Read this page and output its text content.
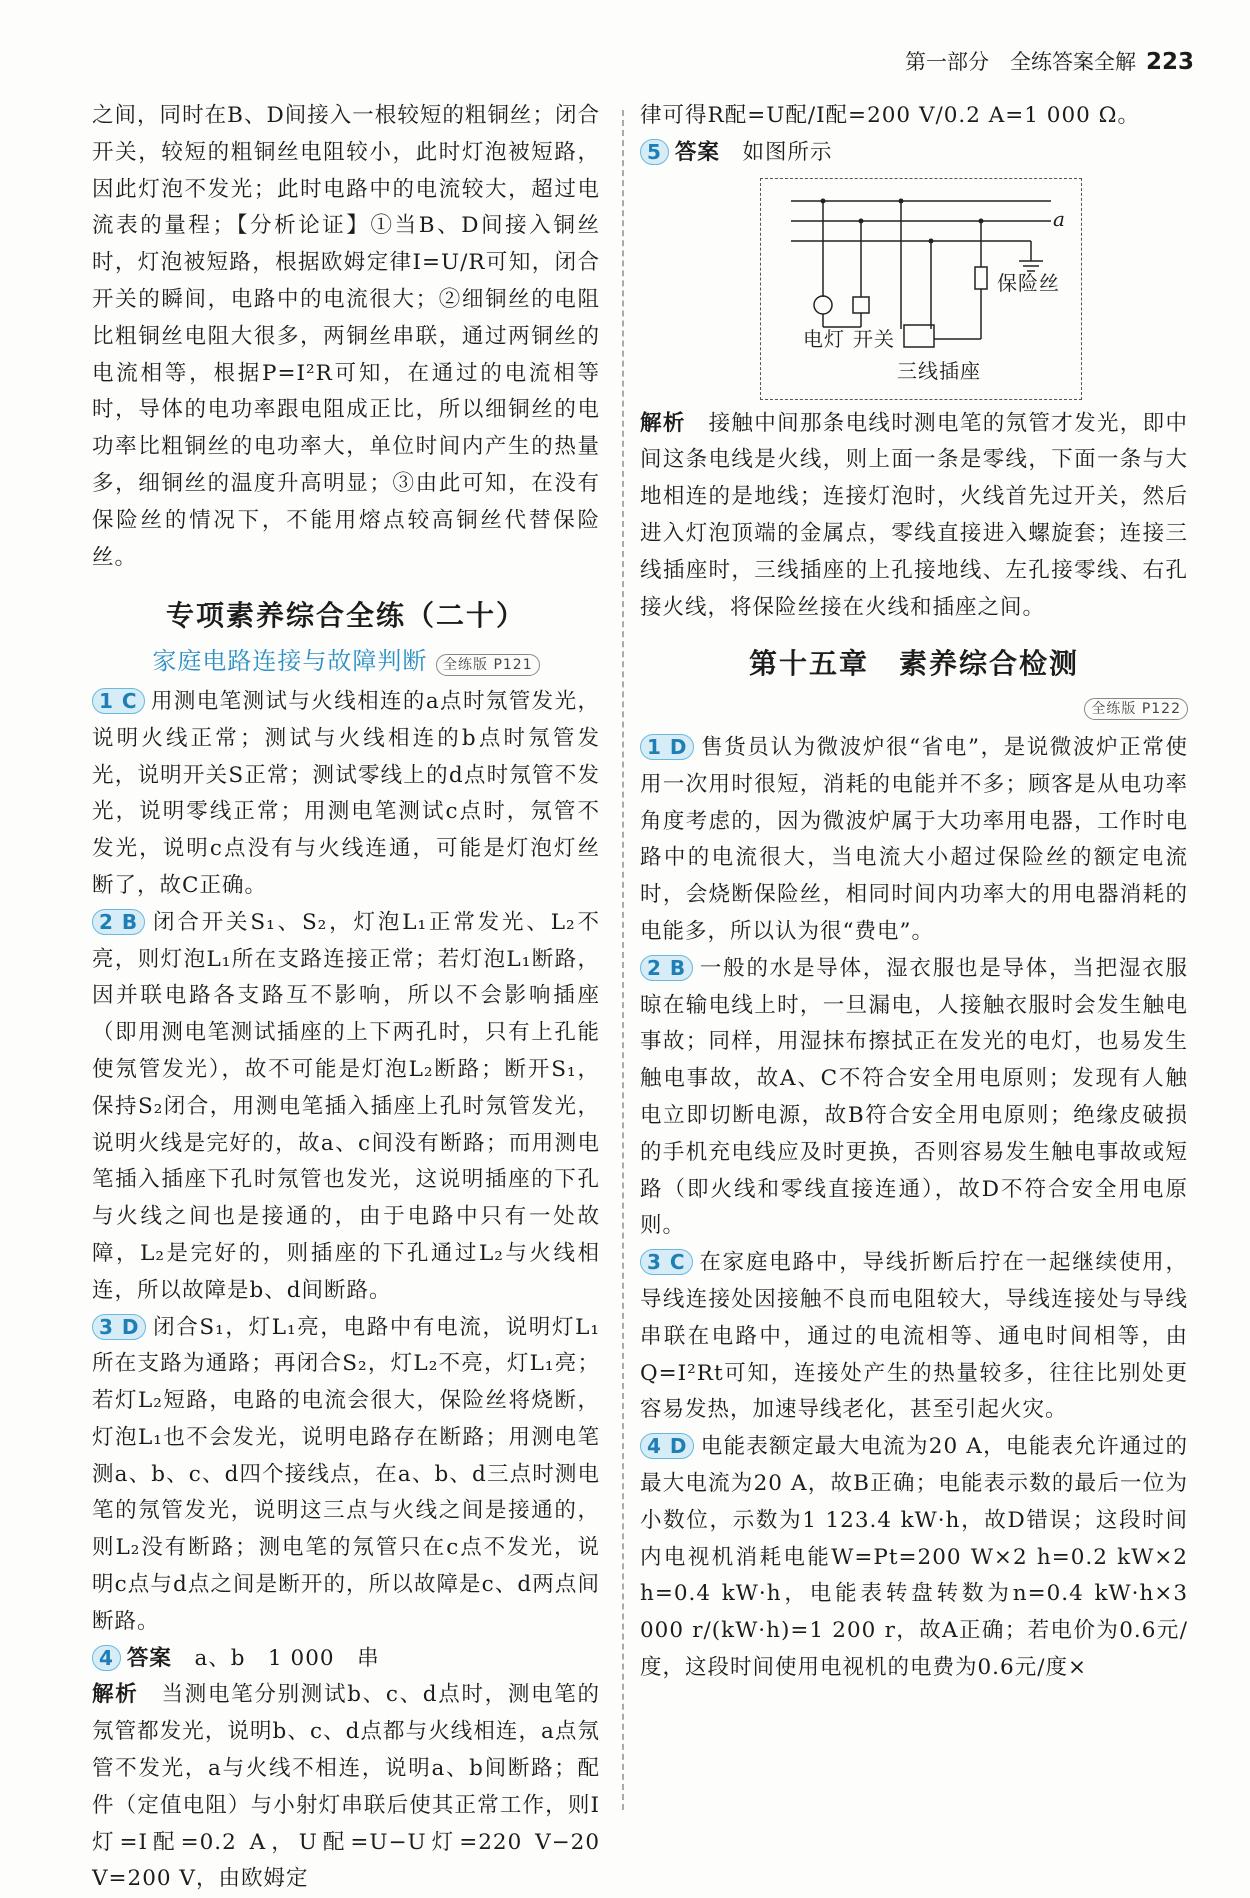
第一部分　全练答案全解 223

之间，同时在B、D间接入一根较短的粗铜丝；闭合开关，较短的粗铜丝电阻较小，此时灯泡被短路，因此灯泡不发光；此时电路中的电流较大，超过电流表的量程；【分析论证】①当B、D间接入铜丝时，灯泡被短路，根据欧姆定律I=U/R可知，闭合开关的瞬间，电路中的电流很大；②细铜丝的电阻比粗铜丝电阻大很多，两铜丝串联，通过两铜丝的电流相等，根据P=I²R可知，在通过的电流相等时，导体的电功率跟电阻成正比，所以细铜丝的电功率比粗铜丝的电功率大，单位时间内产生的热量多，细铜丝的温度升高明显；③由此可知，在没有保险丝的情况下，不能用熔点较高铜丝代替保险丝。

专项素养综合全练（二十）
家庭电路连接与故障判断 全练版 P121

1 C 用测电笔测试与火线相连的a点时氖管发光，说明火线正常；测试与火线相连的b点时氖管发光，说明开关S正常；测试零线上的d点时氖管不发光，说明零线正常；用测电笔测试c点时，氖管不发光，说明c点没有与火线连通，可能是灯泡灯丝断了，故C正确。

2 B 闭合开关S₁、S₂，灯泡L₁正常发光、L₂不亮，则灯泡L₁所在支路连接正常；若灯泡L₁断路，因并联电路各支路互不影响，所以不会影响插座（即用测电笔测试插座的上下两孔时，只有上孔能使氖管发光），故不可能是灯泡L₂断路；断开S₁，保持S₂闭合，用测电笔插入插座上孔时氖管发光，说明火线是完好的，故a、c间没有断路；而用测电笔插入插座下孔时氖管也发光，这说明插座的下孔与火线之间也是接通的，由于电路中只有一处故障，L₂是完好的，则插座的下孔通过L₂与火线相连，所以故障是b、d间断路。

3 D 闭合S₁，灯L₁亮，电路中有电流，说明灯L₁所在支路为通路；再闭合S₂，灯L₂不亮，灯L₁亮；若灯L₂短路，电路的电流会很大，保险丝将烧断，灯泡L₁也不会发光，说明电路存在断路；用测电笔测a、b、c、d四个接线点，在a、b、d三点时测电笔的氖管发光，说明这三点与火线之间是接通的，则L₂没有断路；测电笔的氖管只在c点不发光，说明c点与d点之间是断开的，所以故障是c、d两点间断路。

4 答案　 a、b　1 000　串

解析　 当测电笔分别测试b、c、d点时，测电笔的氖管都发光，说明b、c、d点都与火线相连，a点氖管不发光，a与火线不相连，说明a、b间断路；配件（定值电阻）与小射灯串联后使其正常工作，则I灯=I配=0.2 A，U配=U−U灯=220 V−20 V=200 V，由欧姆定

律可得R配=U配/I配=200 V/0.2 A=1 000 Ω。

5 答案　 如图所示

a
保险丝
电灯 开关
三线插座

解析　 接触中间那条电线时测电笔的氖管才发光，即中间这条电线是火线，则上面一条是零线，下面一条与大地相连的是地线；连接灯泡时，火线首先过开关，然后进入灯泡顶端的金属点，零线直接进入螺旋套；连接三线插座时，三线插座的上孔接地线、左孔接零线、右孔接火线，将保险丝接在火线和插座之间。

第十五章　素养综合检测
全练版 P122

1 D 售货员认为微波炉很“省电”，是说微波炉正常使用一次用时很短，消耗的电能并不多；顾客是从电功率角度考虑的，因为微波炉属于大功率用电器，工作时电路中的电流很大，当电流大小超过保险丝的额定电流时，会烧断保险丝，相同时间内功率大的用电器消耗的电能多，所以认为很“费电”。

2 B 一般的水是导体，湿衣服也是导体，当把湿衣服晾在输电线上时，一旦漏电，人接触衣服时会发生触电事故；同样，用湿抹布擦拭正在发光的电灯，也易发生触电事故，故A、C不符合安全用电原则；发现有人触电立即切断电源，故B符合安全用电原则；绝缘皮破损的手机充电线应及时更换，否则容易发生触电事故或短路（即火线和零线直接连通），故D不符合安全用电原则。

3 C 在家庭电路中，导线折断后拧在一起继续使用，导线连接处因接触不良而电阻较大，导线连接处与导线串联在电路中，通过的电流相等、通电时间相等，由Q=I²Rt可知，连接处产生的热量较多，往往比别处更容易发热，加速导线老化，甚至引起火灾。

4 D 电能表额定最大电流为20 A，电能表允许通过的最大电流为20 A，故B正确；电能表示数的最后一位为小数位，示数为1 123.4 kW·h，故D错误；这段时间内电视机消耗电能W=Pt=200 W×2 h=0.2 kW×2 h=0.4 kW·h，电能表转盘转数为n=0.4 kW·h×3 000 r/(kW·h)=1 200 r，故A正确；若电价为0.6元/度，这段时间使用电视机的电费为0.6元/度×
